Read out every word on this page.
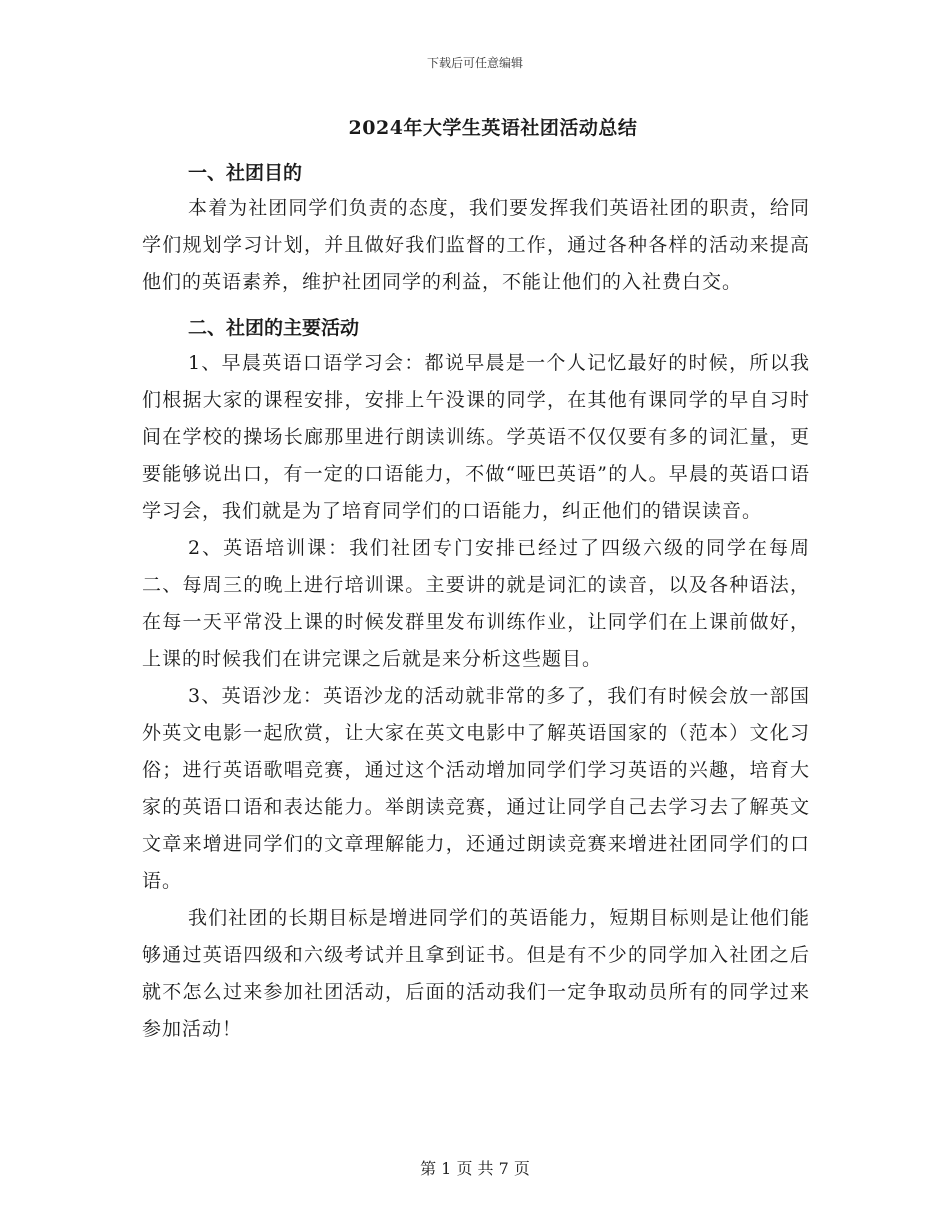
下载后可任意编辑
2024年大学生英语社团活动总结
一、社团目的

本着为社团同学们负责的态度，我们要发挥我们英语社团的职责，给同学们规划学习计划，并且做好我们监督的工作，通过各种各样的活动来提高他们的英语素养，维护社团同学的利益，不能让他们的入社费白交。

二、社团的主要活动

1、早晨英语口语学习会：都说早晨是一个人记忆最好的时候，所以我们根据大家的课程安排，安排上午没课的同学，在其他有课同学的早自习时间在学校的操场长廊那里进行朗读训练。学英语不仅仅要有多的词汇量，更要能够说出口，有一定的口语能力，不做“哑巴英语”的人。早晨的英语口语学习会，我们就是为了培育同学们的口语能力，纠正他们的错误读音。

2、英语培训课：我们社团专门安排已经过了四级六级的同学在每周二、每周三的晚上进行培训课。主要讲的就是词汇的读音，以及各种语法，在每一天平常没上课的时候发群里发布训练作业，让同学们在上课前做好，上课的时候我们在讲完课之后就是来分析这些题目。

3、英语沙龙：英语沙龙的活动就非常的多了，我们有时候会放一部国外英文电影一起欣赏，让大家在英文电影中了解英语国家的（范本）文化习俗；进行英语歌唱竞赛，通过这个活动增加同学们学习英语的兴趣，培育大家的英语口语和表达能力。举朗读竞赛，通过让同学自己去学习去了解英文文章来增进同学们的文章理解能力，还通过朗读竞赛来增进社团同学们的口语。

我们社团的长期目标是增进同学们的英语能力，短期目标则是让他们能够通过英语四级和六级考试并且拿到证书。但是有不少的同学加入社团之后就不怎么过来参加社团活动，后面的活动我们一定争取动员所有的同学过来参加活动！

第 1 页 共 7 页
